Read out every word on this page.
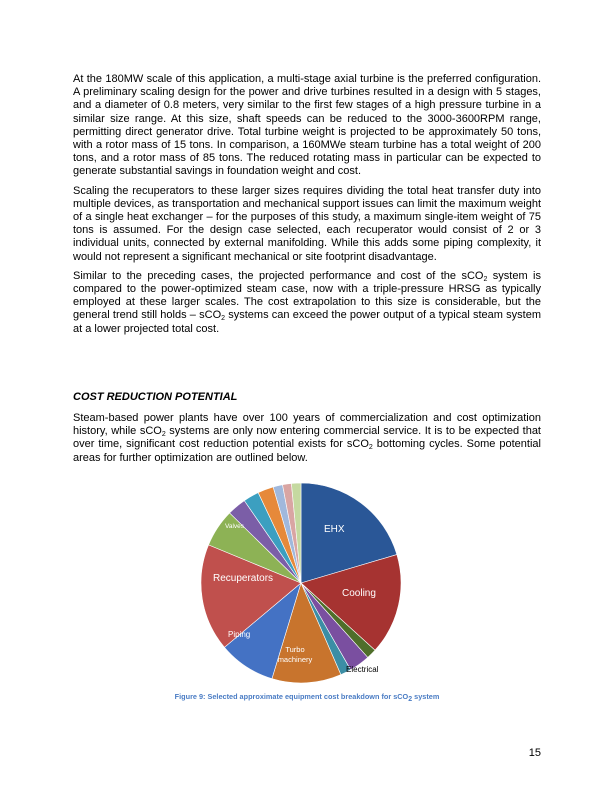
At the 180MW scale of this application, a multi-stage axial turbine is the preferred configuration. A preliminary scaling design for the power and drive turbines resulted in a design with 5 stages, and a diameter of 0.8 meters, very similar to the first few stages of a high pressure turbine in a similar size range. At this size, shaft speeds can be reduced to the 3000-3600RPM range, permitting direct generator drive. Total turbine weight is projected to be approximately 50 tons, with a rotor mass of 15 tons. In comparison, a 160MWe steam turbine has a total weight of 200 tons, and a rotor mass of 85 tons. The reduced rotating mass in particular can be expected to generate substantial savings in foundation weight and cost.

Scaling the recuperators to these larger sizes requires dividing the total heat transfer duty into multiple devices, as transportation and mechanical support issues can limit the maximum weight of a single heat exchanger – for the purposes of this study, a maximum single-item weight of 75 tons is assumed. For the design case selected, each recuperator would consist of 2 or 3 individual units, connected by external manifolding. While this adds some piping complexity, it would not represent a significant mechanical or site footprint disadvantage.

Similar to the preceding cases, the projected performance and cost of the sCO$_2$ system is compared to the power-optimized steam case, now with a triple-pressure HRSG as typically employed at these larger scales. The cost extrapolation to this size is considerable, but the general trend still holds – sCO$_2$ systems can exceed the power output of a typical steam system at a lower projected total cost.

COST REDUCTION POTENTIAL

Steam-based power plants have over 100 years of commercialization and cost optimization history, while sCO$_2$ systems are only now entering commercial service. It is to be expected that over time, significant cost reduction potential exists for sCO$_2$ bottoming cycles. Some potential areas for further optimization are outlined below.

EHX
Cooling
Electrical
Turbo
machinery
Piping
Recuperators
Valves
Figure 9: Selected approximate equipment cost breakdown for sCO$_2$ system
15
